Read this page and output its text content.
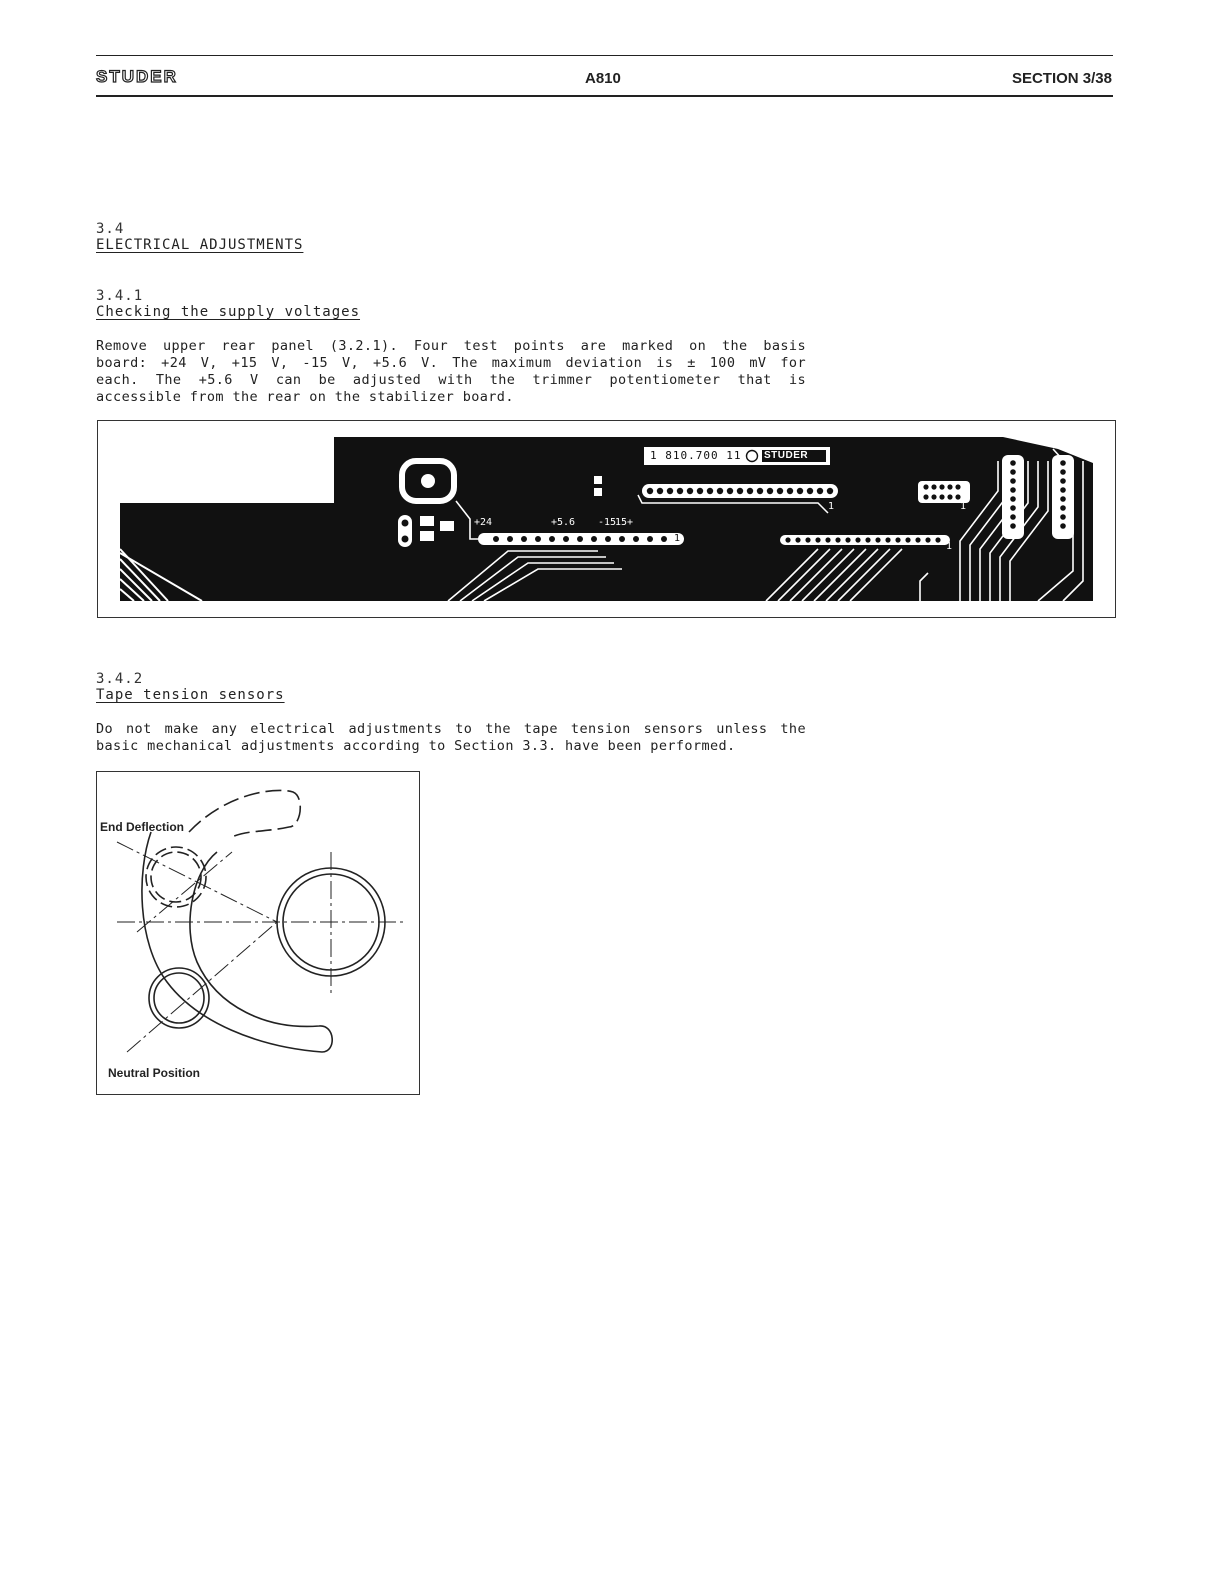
STUDER	A810	SECTION 3/38
3.4
ELECTRICAL ADJUSTMENTS
3.4.1
Checking the supply voltages
Remove upper rear panel (3.2.1). Four test points are marked on the basis
board: +24 V, +15 V, -15 V, +5.6 V. The maximum deviation is ± 100 mV for
each. The +5.6 V can be adjusted with the trimmer potentiometer that is
accessible from the rear on the stabilizer board.
1 810.700 11 STUDER
+24	+5.6 -15
15+
1
1
1
1
1	1
3.4.2
Tape tension sensors
Do not make any electrical adjustments to the tape tension sensors unless the
basic mechanical adjustments according to Section 3.3. have been performed.
End Deflection
Neutral Position
